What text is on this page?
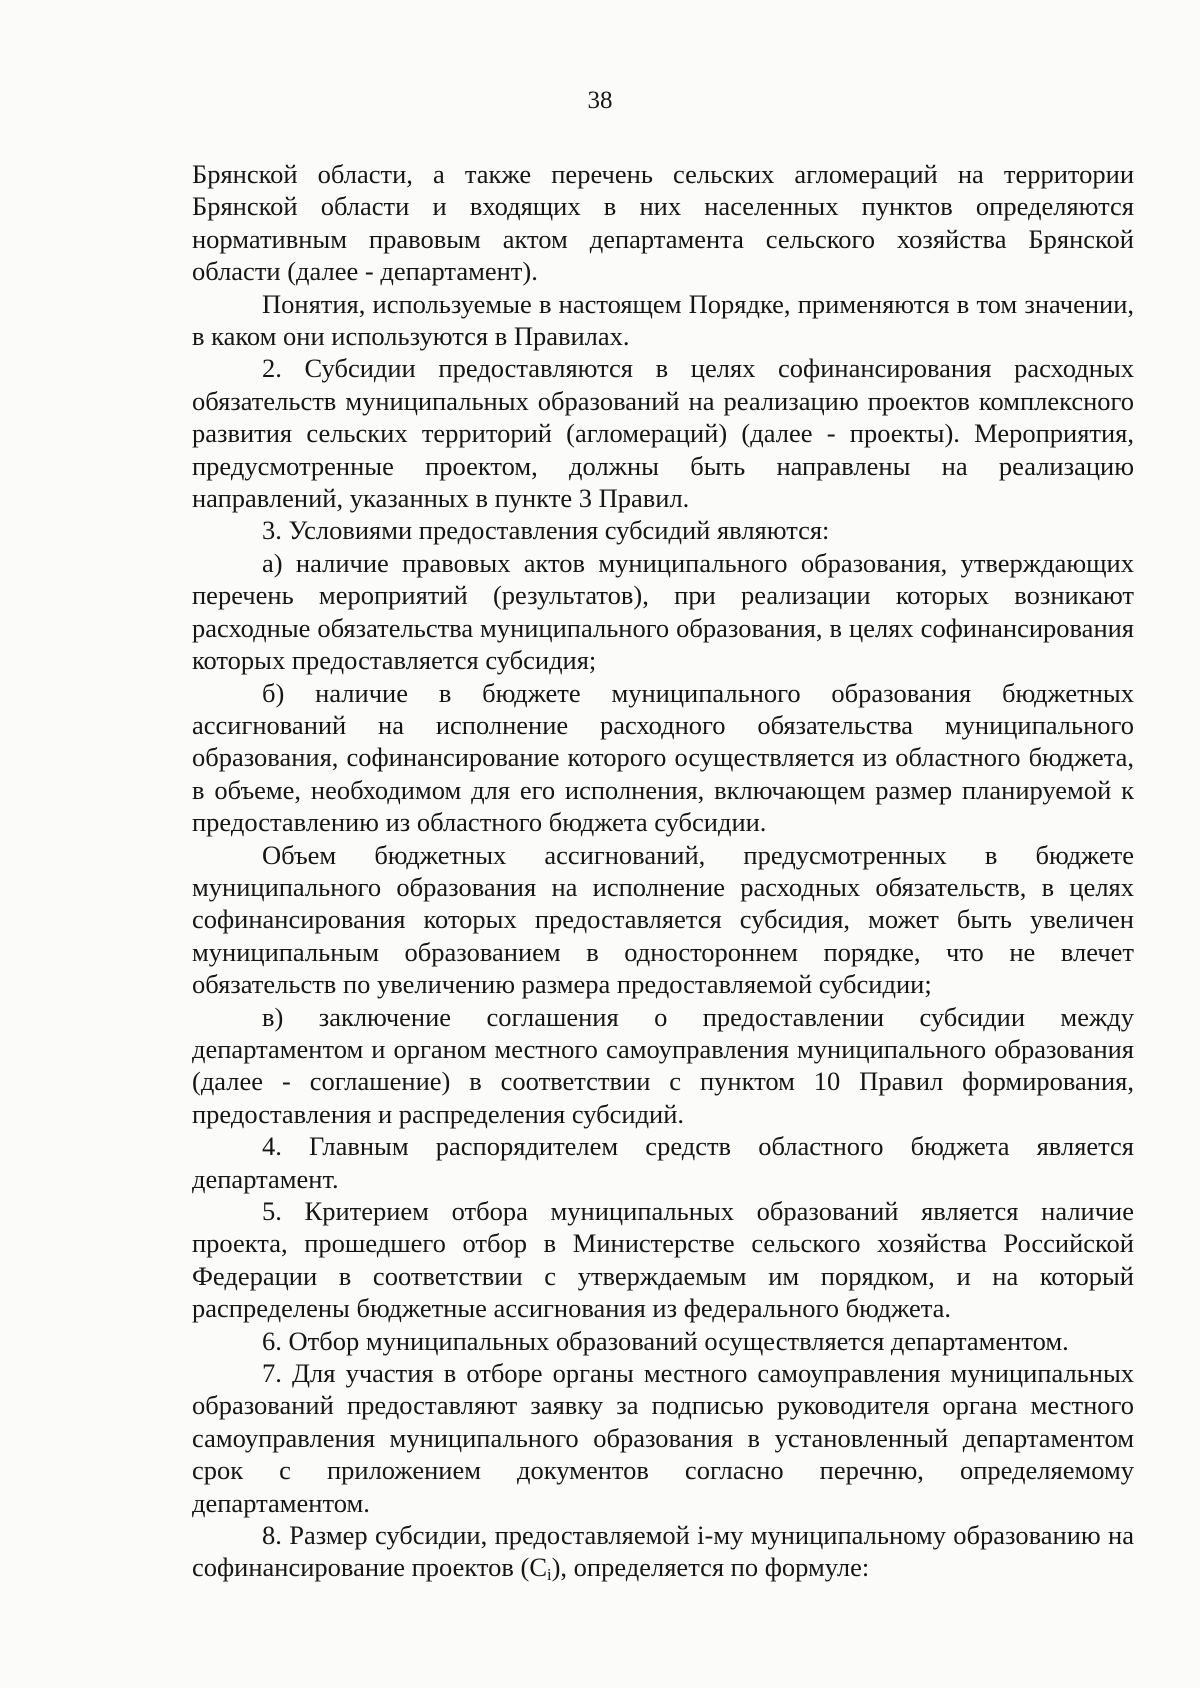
38

Брянской области, а также перечень сельских агломераций на территории Брянской области и входящих в них населенных пунктов определяются нормативным правовым актом департамента сельского хозяйства Брянской области (далее - департамент).

Понятия, используемые в настоящем Порядке, применяются в том значении, в каком они используются в Правилах.

2. Субсидии предоставляются в целях софинансирования расходных обязательств муниципальных образований на реализацию проектов комплексного развития сельских территорий (агломераций) (далее - проекты). Мероприятия, предусмотренные проектом, должны быть направлены на реализацию направлений, указанных в пункте 3 Правил.

3. Условиями предоставления субсидий являются:

а) наличие правовых актов муниципального образования, утверждающих перечень мероприятий (результатов), при реализации которых возникают расходные обязательства муниципального образования, в целях софинансирования которых предоставляется субсидия;

б) наличие в бюджете муниципального образования бюджетных ассигнований на исполнение расходного обязательства муниципального образования, софинансирование которого осуществляется из областного бюджета, в объеме, необходимом для его исполнения, включающем размер планируемой к предоставлению из областного бюджета субсидии.

Объем бюджетных ассигнований, предусмотренных в бюджете муниципального образования на исполнение расходных обязательств, в целях софинансирования которых предоставляется субсидия, может быть увеличен муниципальным образованием в одностороннем порядке, что не влечет обязательств по увеличению размера предоставляемой субсидии;

в) заключение соглашения о предоставлении субсидии между департаментом и органом местного самоуправления муниципального образования (далее - соглашение) в соответствии с пунктом 10 Правил формирования, предоставления и распределения субсидий.

4. Главным распорядителем средств областного бюджета является департамент.

5. Критерием отбора муниципальных образований является наличие проекта, прошедшего отбор в Министерстве сельского хозяйства Российской Федерации в соответствии с утверждаемым им порядком, и на который распределены бюджетные ассигнования из федерального бюджета.

6. Отбор муниципальных образований осуществляется департаментом.

7. Для участия в отборе органы местного самоуправления муниципальных образований предоставляют заявку за подписью руководителя органа местного самоуправления муниципального образования в установленный департаментом срок с приложением документов согласно перечню, определяемому департаментом.

8. Размер субсидии, предоставляемой i-му муниципальному образованию на софинансирование проектов $(C_i)$, определяется по формуле:
